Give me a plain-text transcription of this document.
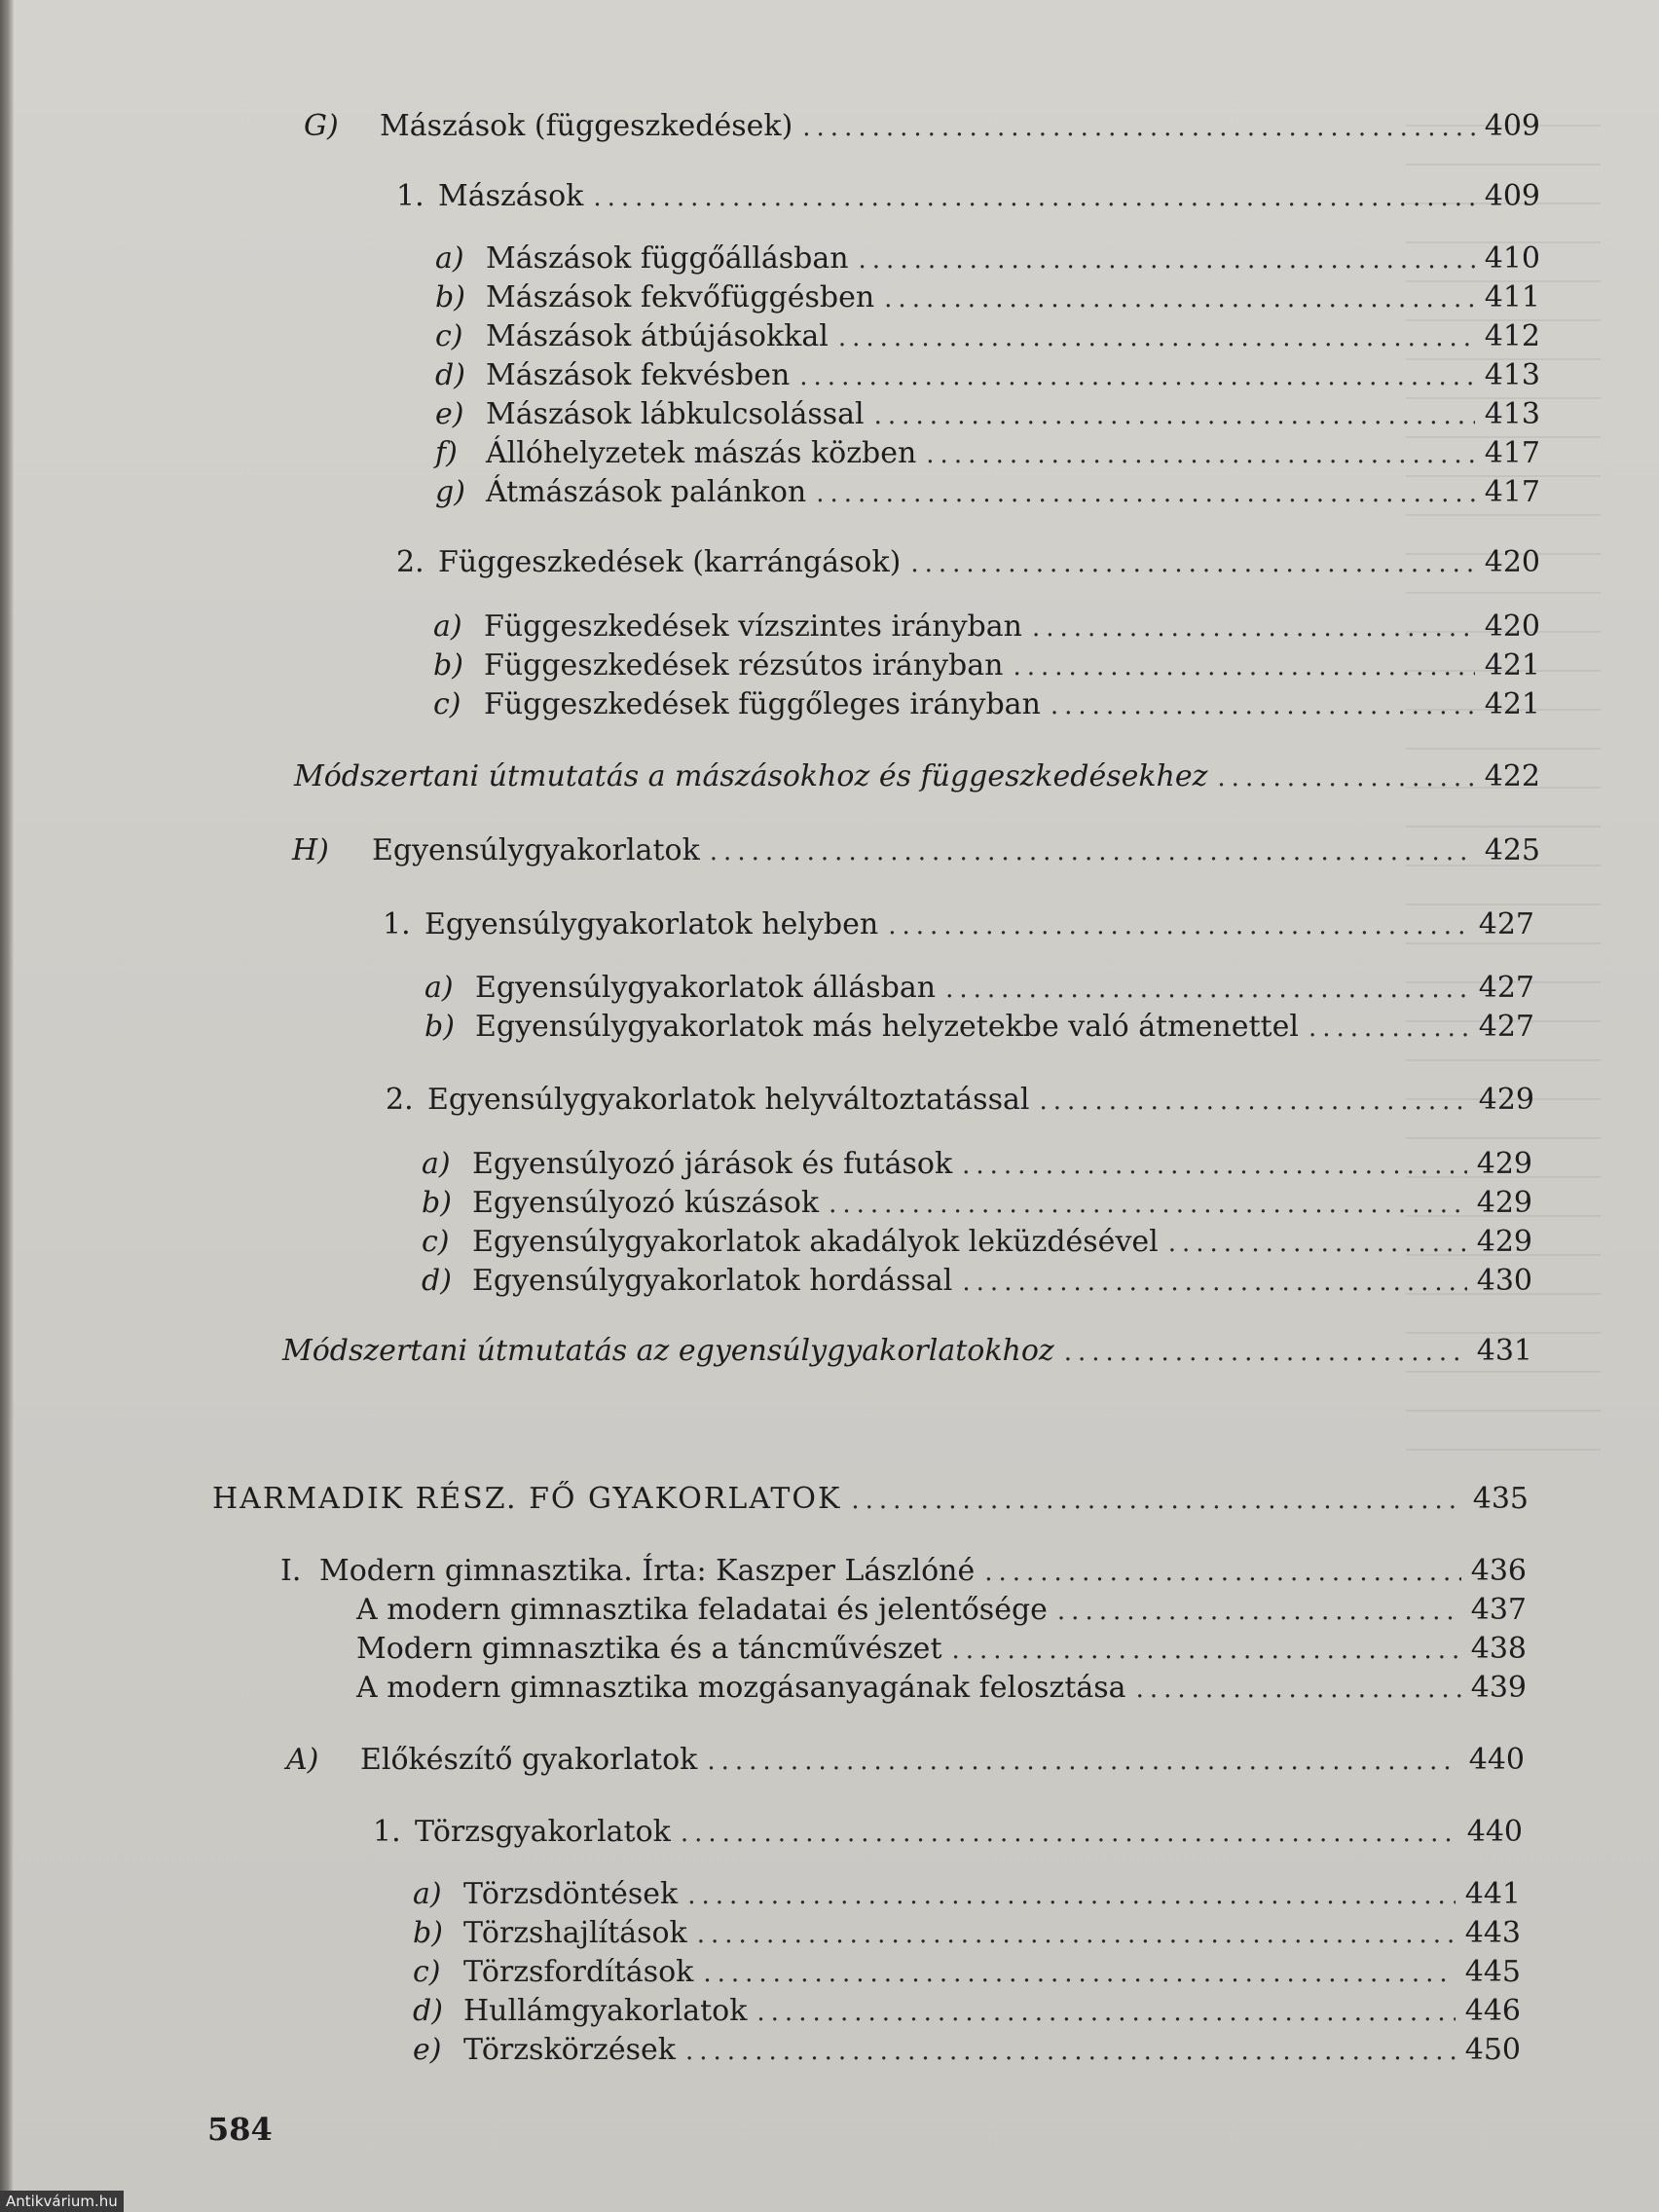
G)	Mászások (függeszkedések) .....	409
1. Mászások .....	409
a) Mászások függőállásban .....	410
b) Mászások fekvőfüggésben .....	411
c) Mászások átbújásokkal .....	412
d) Mászások fekvésben .....	413
e) Mászások lábkulcsolással .....	413
f) Állóhelyzetek mászás közben .....	417
g) Átmászások palánkon .....	417
2. Függeszkedések (karrángások) .....	420
a) Függeszkedések vízszintes irányban .....	420
b) Függeszkedések rézsútos irányban .....	421
c) Függeszkedések függőleges irányban .....	421
Módszertani útmutatás a mászásokhoz és függeszkedésekhez .....	422
H)	Egyensúlygyakorlatok .....	425
1. Egyensúlygyakorlatok helyben .....	427
a) Egyensúlygyakorlatok állásban .....	427
b) Egyensúlygyakorlatok más helyzetekbe való átmenettel .....	427
2. Egyensúlygyakorlatok helyváltoztatással .....	429
a) Egyensúlyozó járások és futások .....	429
b) Egyensúlyozó kúszások .....	429
c) Egyensúlygyakorlatok akadályok leküzdésével .....	429
d) Egyensúlygyakorlatok hordással .....	430
Módszertani útmutatás az egyensúlygyakorlatokhoz .....	431
HARMADIK RÉSZ. FŐ GYAKORLATOK .....	435
I. Modern gimnasztika. Írta: Kaszper Lászlóné .....	436
A modern gimnasztika feladatai és jelentősége .....	437
Modern gimnasztika és a táncművészet .....	438
A modern gimnasztika mozgásanyagának felosztása .....	439
A)	Előkészítő gyakorlatok .....	440
1. Törzsgyakorlatok .....	440
a) Törzsdöntések .....	441
b) Törzshajlítások .....	443
c) Törzsfordítások .....	445
d) Hullámgyakorlatok .....	446
e) Törzskörzések .....	450
584
Antikvárium.hu
